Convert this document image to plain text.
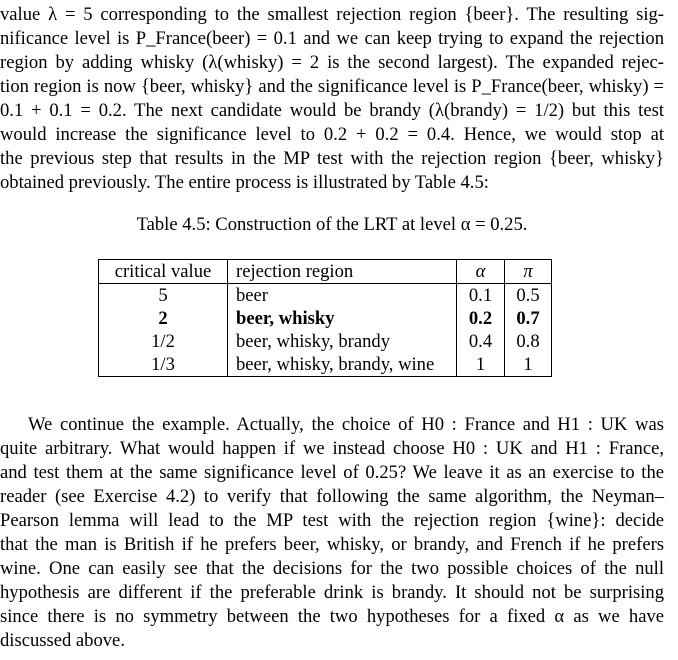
value λ = 5 corresponding to the smallest rejection region {beer}. The resulting sig-
nificance level is P_France(beer) = 0.1 and we can keep trying to expand the rejection
region by adding whisky (λ(whisky) = 2 is the second largest). The expanded rejec-
tion region is now {beer, whisky} and the significance level is P_France(beer, whisky) =
0.1 + 0.1 = 0.2. The next candidate would be brandy (λ(brandy) = 1/2) but this test
would increase the significance level to 0.2 + 0.2 = 0.4. Hence, we would stop at
the previous step that results in the MP test with the rejection region {beer, whisky}
obtained previously. The entire process is illustrated by Table 4.5:
Table 4.5: Construction of the LRT at level α = 0.25.
critical value	rejection region	α	π
5	beer	0.1	0.5
2	beer, whisky	0.2	0.7
1/2	beer, whisky, brandy	0.4	0.8
1/3	beer, whisky, brandy, wine	1	1
We continue the example. Actually, the choice of H0 : France and H1 : UK was
quite arbitrary. What would happen if we instead choose H0 : UK and H1 : France,
and test them at the same significance level of 0.25? We leave it as an exercise to the
reader (see Exercise 4.2) to verify that following the same algorithm, the Neyman–
Pearson lemma will lead to the MP test with the rejection region {wine}: decide
that the man is British if he prefers beer, whisky, or brandy, and French if he prefers
wine. One can easily see that the decisions for the two possible choices of the null
hypothesis are different if the preferable drink is brandy. It should not be surprising
since there is no symmetry between the two hypotheses for a fixed α as we have
discussed above.
